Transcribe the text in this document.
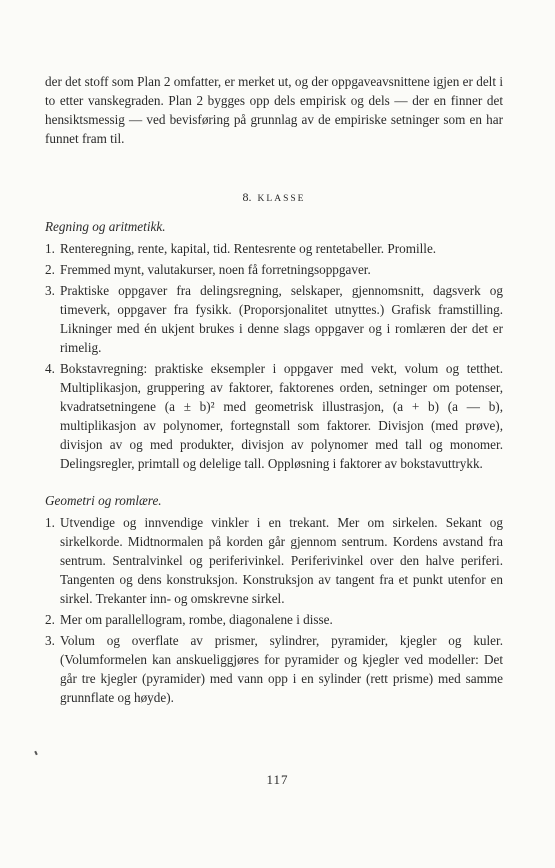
der det stoff som Plan 2 omfatter, er merket ut, og der oppgaveavsnittene igjen er delt i to etter vanskegraden. Plan 2 bygges opp dels empirisk og dels — der en finner det hensiktsmessig — ved bevisføring på grunnlag av de empiriske setninger som en har funnet fram til.

8. KLASSE

Regning og aritmetikk.

1. Renteregning, rente, kapital, tid. Rentesrente og rentetabeller. Promille.
2. Fremmed mynt, valutakurser, noen få forretningsoppgaver.
3. Praktiske oppgaver fra delingsregning, selskaper, gjennomsnitt, dagsverk og timeverk, oppgaver fra fysikk. (Proporsjonalitet utnyttes.) Grafisk framstilling. Likninger med én ukjent brukes i denne slags oppgaver og i romlæren der det er rimelig.
4. Bokstavregning: praktiske eksempler i oppgaver med vekt, volum og tetthet. Multiplikasjon, gruppering av faktorer, faktorenes orden, setninger om potenser, kvadratsetningene (a ± b)² med geometrisk illustrasjon, (a + b) (a — b), multiplikasjon av polynomer, fortegnstall som faktorer. Divisjon (med prøve), divisjon av og med produkter, divisjon av polynomer med tall og monomer. Delingsregler, primtall og delelige tall. Oppløsning i faktorer av bokstavuttrykk.

Geometri og romlære.

1. Utvendige og innvendige vinkler i en trekant. Mer om sirkelen. Sekant og sirkelkorde. Midtnormalen på korden går gjennom sentrum. Kordens avstand fra sentrum. Sentralvinkel og periferivinkel. Periferivinkel over den halve periferi. Tangenten og dens konstruksjon. Konstruksjon av tangent fra et punkt utenfor en sirkel. Trekanter inn- og omskrevne sirkel.
2. Mer om parallellogram, rombe, diagonalene i disse.
3. Volum og overflate av prismer, sylindrer, pyramider, kjegler og kuler. (Volumformelen kan anskueliggjøres for pyramider og kjegler ved modeller: Det går tre kjegler (pyramider) med vann opp i en sylinder (rett prisme) med samme grunnflate og høyde).
117
